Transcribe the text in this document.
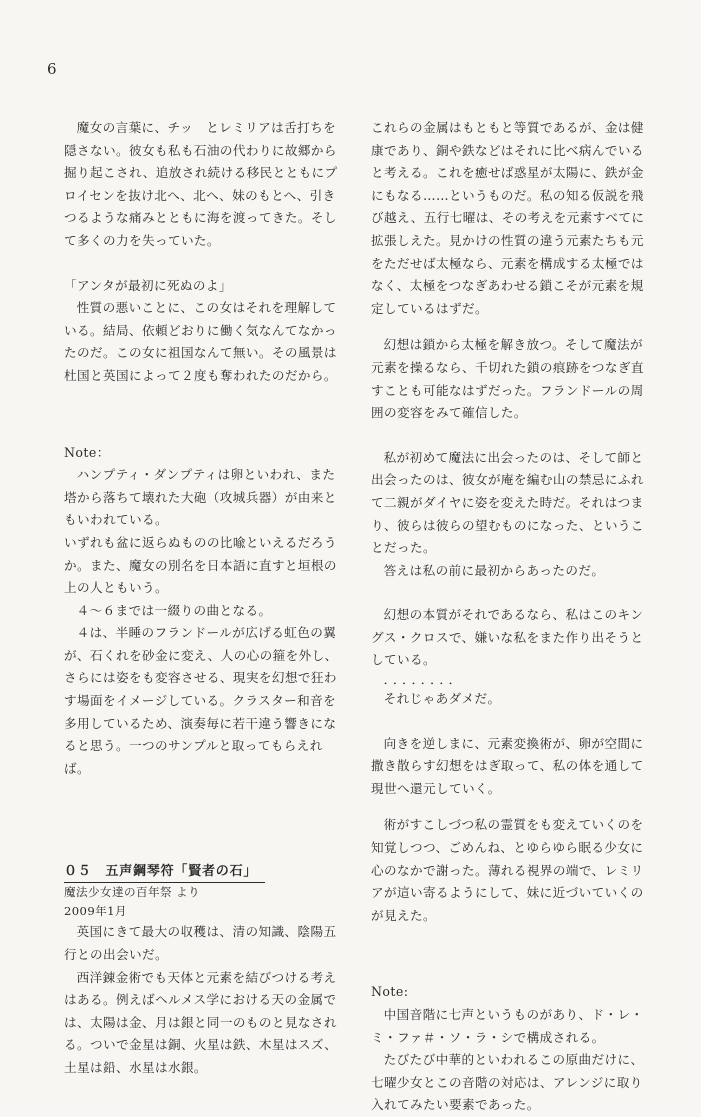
6

魔女の言葉に、チッ　とレミリアは舌打ちを隠さない。彼女も私も石油の代わりに故郷から掘り起こされ、追放され続ける移民とともにプロイセンを抜け北へ、北へ、妹のもとへ、引きつるような痛みとともに海を渡ってきた。そして多くの力を失っていた。

「アンタが最初に死ぬのよ」

性質の悪いことに、この女はそれを理解している。結局、依頼どおりに働く気なんてなかったのだ。この女に祖国なんて無い。その風景は杜国と英国によって２度も奪われたのだから。

Note：

ハンプティ・ダンプティは卵といわれ、また塔から落ちて壊れた大砲（攻城兵器）が由来ともいわれている。

いずれも盆に返らぬものの比喩といえるだろうか。また、魔女の別名を日本語に直すと垣根の上の人ともいう。

４〜６までは一綴りの曲となる。

４は、半睡のフランドールが広げる虹色の翼が、石くれを砂金に変え、人の心の箍を外し、さらには姿をも変容させる、現実を幻想で狂わす場面をイメージしている。クラスター和音を多用しているため、演奏毎に若干違う響きになると思う。一つのサンプルと取ってもらえれば。

０５　五声鋼琴符「賢者の石」

魔法少女達の百年祭 より

2009年1月

英国にきて最大の収穫は、清の知識、陰陽五行との出会いだ。

西洋錬金術でも天体と元素を結びつける考えはある。例えばヘルメス学における天の金属では、太陽は金、月は銀と同一のものと見なされる。ついで金星は銅、火星は鉄、木星はスズ、土星は鉛、水星は水銀。

これらの金属はもともと等質であるが、金は健康であり、銅や鉄などはそれに比べ病んでいると考える。これを癒せば惑星が太陽に、鉄が金にもなる……というものだ。私の知る仮説を飛び越え、五行七曜は、その考えを元素すべてに拡張しえた。見かけの性質の違う元素たちも元をただせば太極なら、元素を構成する太極ではなく、太極をつなぎあわせる鎖こそが元素を規定しているはずだ。

幻想は鎖から太極を解き放つ。そして魔法が元素を操るなら、千切れた鎖の痕跡をつなぎ直すことも可能なはずだった。フランドールの周囲の変容をみて確信した。

私が初めて魔法に出会ったのは、そして師と出会ったのは、彼女が庵を編む山の禁忌にふれて二親がダイヤに姿を変えた時だ。それはつまり、彼らは彼らの望むものになった、ということだった。

答えは私の前に最初からあったのだ。

幻想の本質がそれであるなら、私はこのキングス・クロスで、嫌いな私をまた作り出そうとしている。

．．．．．．．．

それじゃあダメだ。

向きを逆しまに、元素変換術が、卵が空間に撒き散らす幻想をはぎ取って、私の体を通して現世へ還元していく。

術がすこしづつ私の霊質をも変えていくのを知覚しつつ、ごめんね、とゆらゆら眠る少女に心のなかで謝った。薄れる視界の端で、レミリアが這い寄るようにして、妹に近づいていくのが見えた。

Note:

中国音階に七声というものがあり、ド・レ・ミ・ファ＃・ソ・ラ・シで構成される。

たびたび中華的といわれるこの原曲だけに、七曜少女とこの音階の対応は、アレンジに取り入れてみたい要素であった。
